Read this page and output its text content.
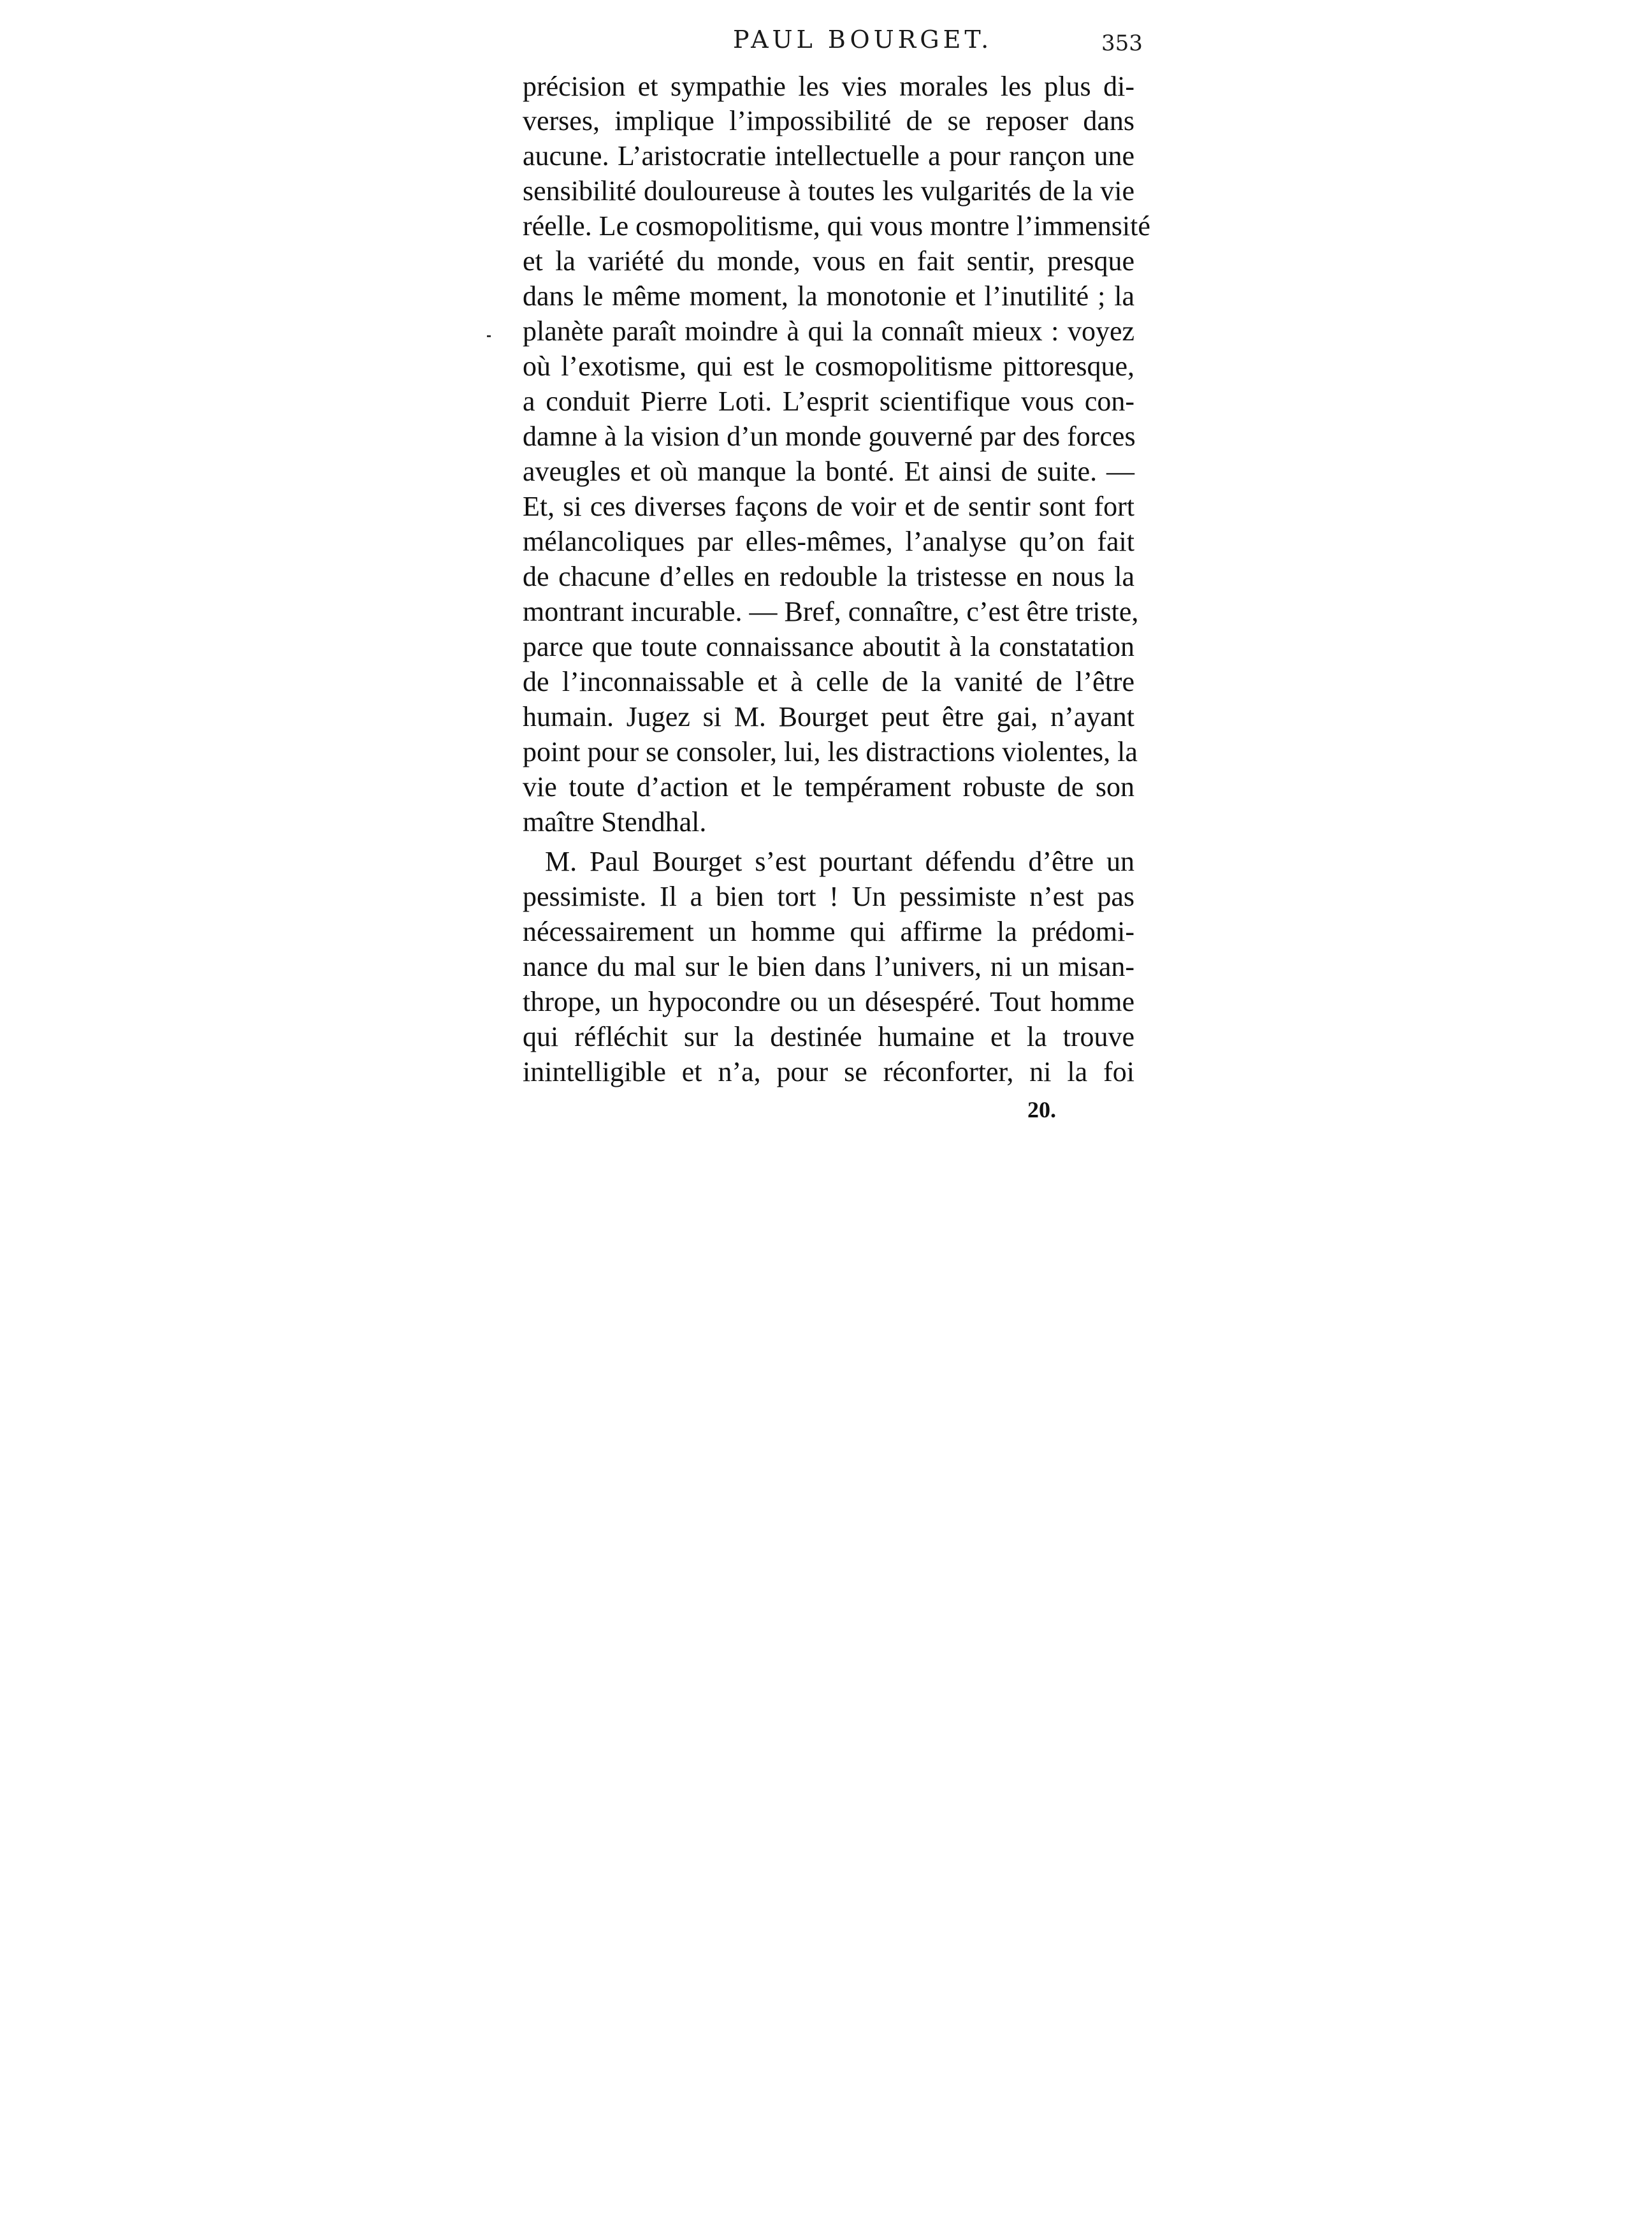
PAUL BOURGET.	353
précision et sympathie les vies morales les plus di-
verses, implique l’impossibilité de se reposer dans
aucune. L’aristocratie intellectuelle a pour rançon une
sensibilité douloureuse à toutes les vulgarités de la vie
réelle. Le cosmopolitisme, qui vous montre l’immensité
et la variété du monde, vous en fait sentir, presque
dans le même moment, la monotonie et l’inutilité ; la
planète paraît moindre à qui la connaît mieux : voyez
où l’exotisme, qui est le cosmopolitisme pittoresque,
a conduit Pierre Loti. L’esprit scientifique vous con-
damne à la vision d’un monde gouverné par des forces
aveugles et où manque la bonté. Et ainsi de suite. —
Et, si ces diverses façons de voir et de sentir sont fort
mélancoliques par elles-mêmes, l’analyse qu’on fait
de chacune d’elles en redouble la tristesse en nous la
montrant incurable. — Bref, connaître, c’est être triste,
parce que toute connaissance aboutit à la constatation
de l’inconnaissable et à celle de la vanité de l’être
humain. Jugez si M. Bourget peut être gai, n’ayant
point pour se consoler, lui, les distractions violentes, la
vie toute d’action et le tempérament robuste de son
maître Stendhal.
M. Paul Bourget s’est pourtant défendu d’être un
pessimiste. Il a bien tort ! Un pessimiste n’est pas
nécessairement un homme qui affirme la prédomi-
nance du mal sur le bien dans l’univers, ni un misan-
thrope, un hypocondre ou un désespéré. Tout homme
qui réfléchit sur la destinée humaine et la trouve
inintelligible et n’a, pour se réconforter, ni la foi
20.
